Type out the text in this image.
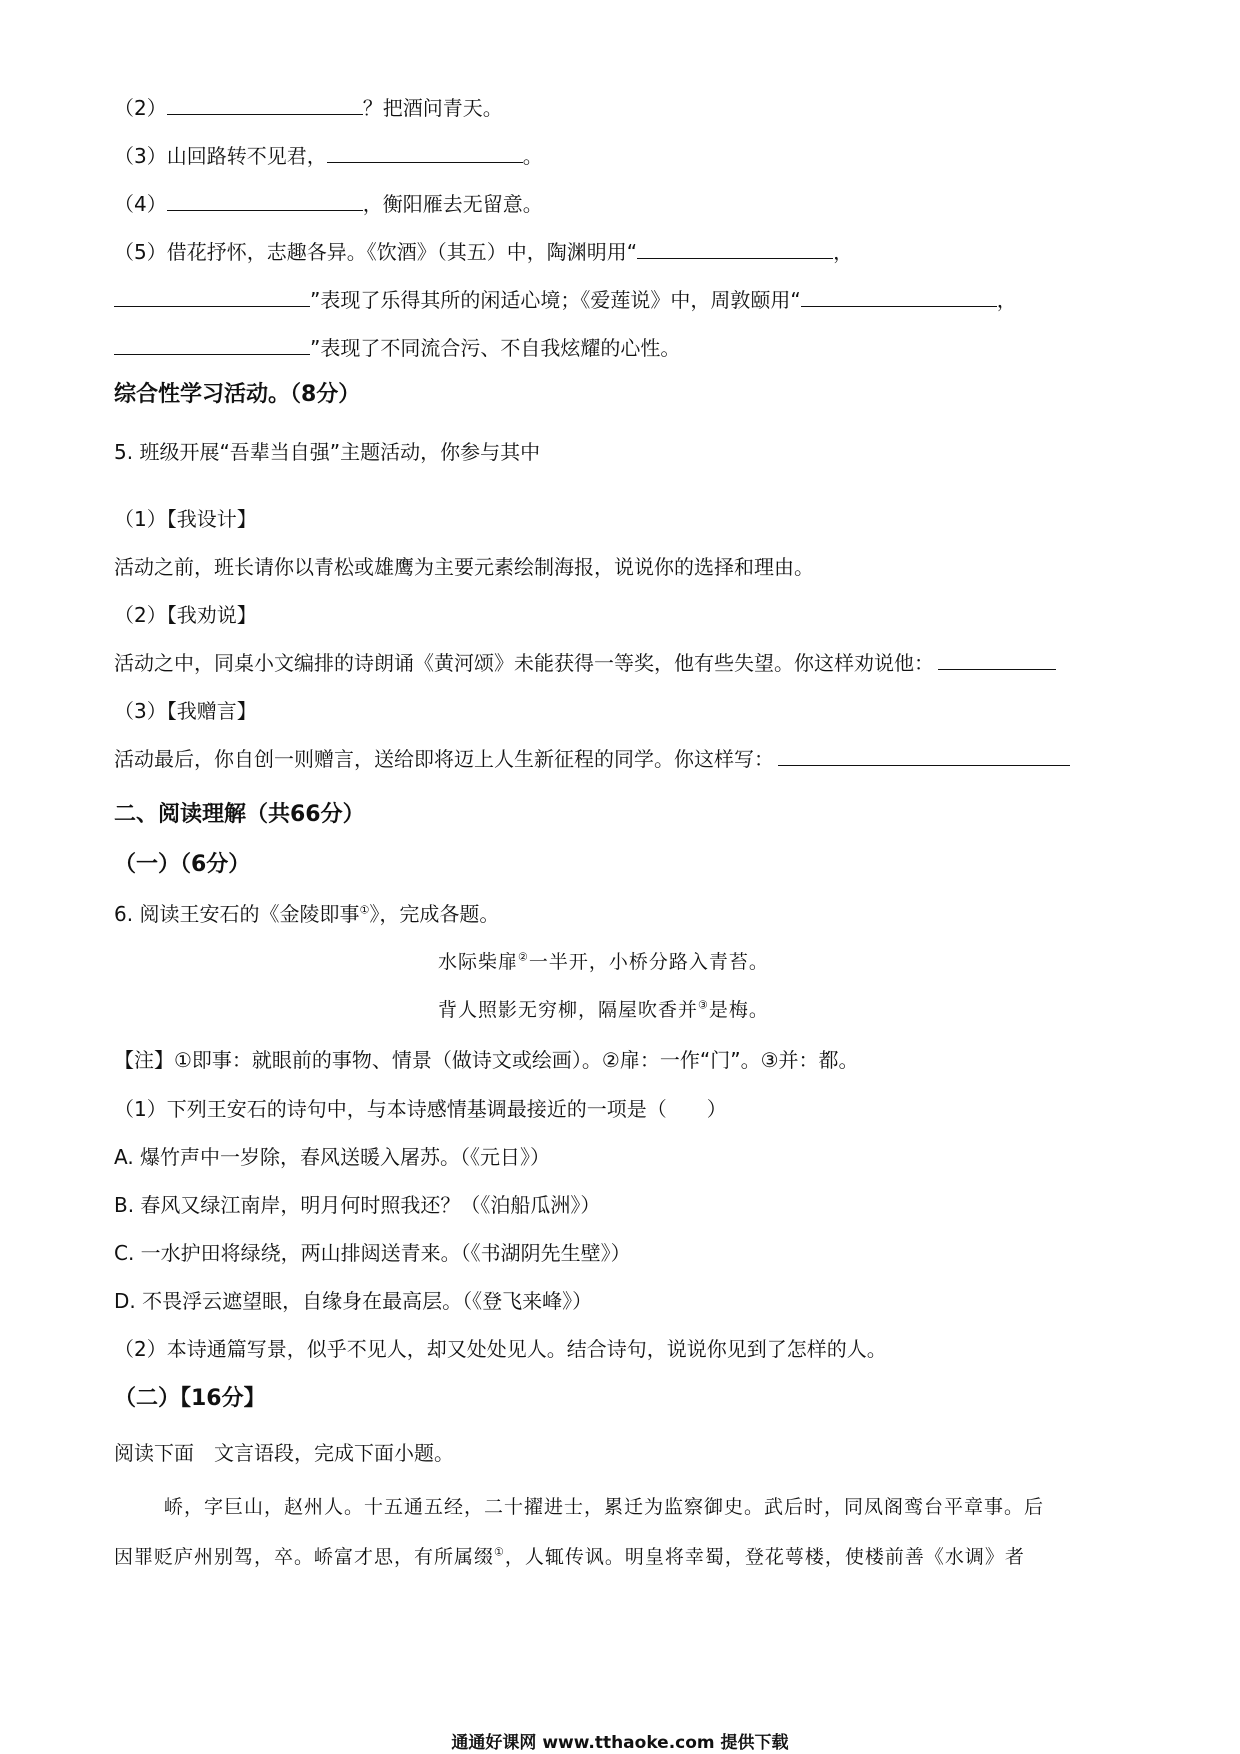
（2）	？把酒问青天。
（3）山回路转不见君，	。
（4）	，衡阳雁去无留意。
（5）借花抒怀，志趣各异。《饮酒》（其五）中，陶渊明用“	，
”表现了乐得其所的闲适心境；《爱莲说》中，周敦颐用“	，
”表现了不同流合污、不自我炫耀的心性。
综合性学习活动。（8分）
5. 班级开展“吾辈当自强”主题活动，你参与其中
（1）【我设计】
活动之前，班长请你以青松或雄鹰为主要元素绘制海报，说说你的选择和理由。
（2）【我劝说】
活动之中，同桌小文编排的诗朗诵《黄河颂》未能获得一等奖，他有些失望。你这样劝说他：
（3）【我赠言】
活动最后，你自创一则赠言，送给即将迈上人生新征程的同学。你这样写：
二、阅读理解（共66分）
（一）（6分）
6. 阅读王安石的《金陵即事①》，完成各题。
水际柴扉②一半开，小桥分路入青苔。
背人照影无穷柳，隔屋吹香并③是梅。
【注】①即事：就眼前的事物、情景（做诗文或绘画）。②扉：一作“门”。③并：都。
（1）下列王安石的诗句中，与本诗感情基调最接近的一项是（　　）
A. 爆竹声中一岁除，春风送暖入屠苏。（《元日》）
B. 春风又绿江南岸，明月何时照我还？（《泊船瓜洲》）
C. 一水护田将绿绕，两山排闼送青来。（《书湖阴先生壁》）
D. 不畏浮云遮望眼，自缘身在最高层。（《登飞来峰》）
（2）本诗通篇写景，似乎不见人，却又处处见人。结合诗句，说说你见到了怎样的人。
（二）【16分】
阅读下面　文言语段，完成下面小题。
峤，字巨山，赵州人。十五通五经，二十擢进士，累迁为监察御史。武后时，同凤阁鸾台平章事。后
因罪贬庐州别驾，卒。峤富才思，有所属缀①，人辄传讽。明皇将幸蜀，登花萼楼，使楼前善《水调》者
通通好课网 www.tthaoke.com 提供下载
